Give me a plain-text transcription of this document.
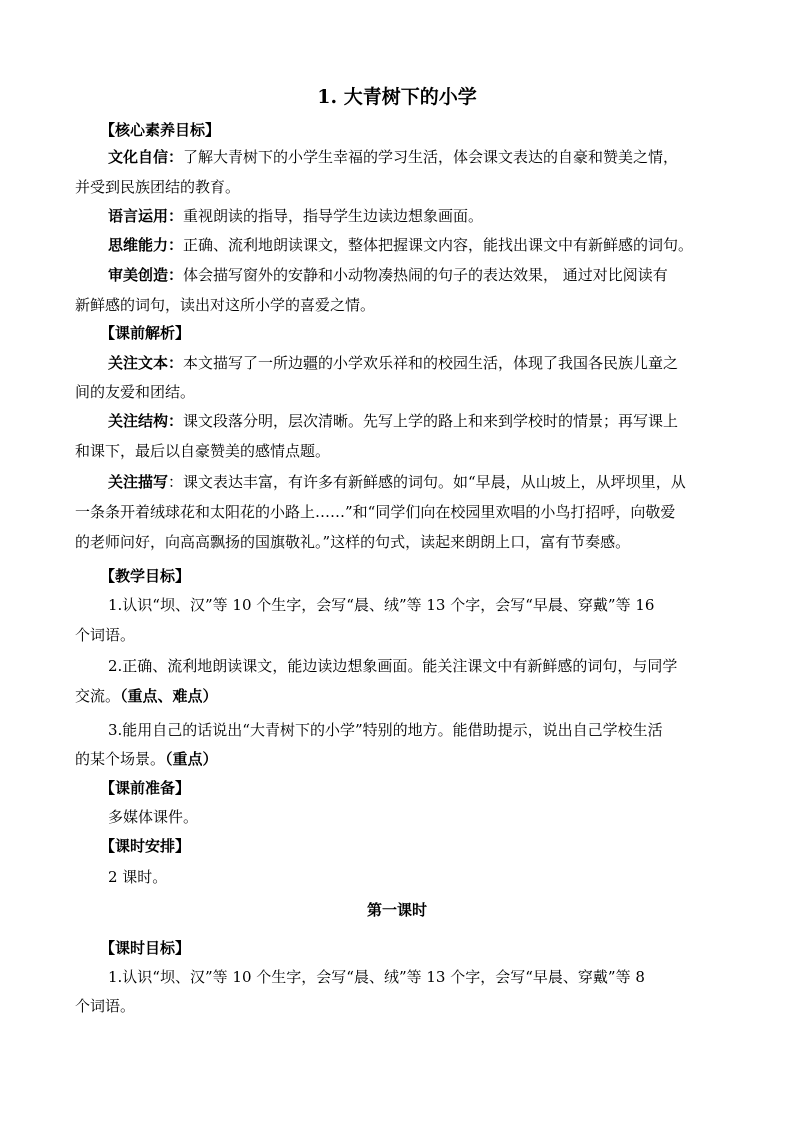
1. 大青树下的小学
【核心素养目标】
文化自信：了解大青树下的小学生幸福的学习生活，体会课文表达的自豪和赞美之情，
并受到民族团结的教育。
语言运用：重视朗读的指导，指导学生边读边想象画面。
思维能力：正确、流利地朗读课文，整体把握课文内容，能找出课文中有新鲜感的词句。
审美创造：体会描写窗外的安静和小动物凑热闹的句子的表达效果， 通过对比阅读有
新鲜感的词句，读出对这所小学的喜爱之情。
【课前解析】
关注文本：本文描写了一所边疆的小学欢乐祥和的校园生活，体现了我国各民族儿童之
间的友爱和团结。
关注结构：课文段落分明，层次清晰。先写上学的路上和来到学校时的情景；再写课上
和课下，最后以自豪赞美的感情点题。
关注描写：课文表达丰富，有许多有新鲜感的词句。如“早晨，从山坡上，从坪坝里，从
一条条开着绒球花和太阳花的小路上……”和“同学们向在校园里欢唱的小鸟打招呼，向敬爱
的老师问好，向高高飘扬的国旗敬礼。”这样的句式，读起来朗朗上口，富有节奏感。
【教学目标】
1.认识“坝、汉”等 10 个生字，会写“晨、绒”等 13 个字，会写“早晨、穿戴”等 16
个词语。
2.正确、流利地朗读课文，能边读边想象画面。能关注课文中有新鲜感的词句，与同学
交流。（重点、难点）
3.能用自己的话说出“大青树下的小学”特别的地方。能借助提示，说出自己学校生活
的某个场景。（重点）
【课前准备】
多媒体课件。
【课时安排】
2 课时。
第一课时
【课时目标】
1.认识“坝、汉”等 10 个生字，会写“晨、绒”等 13 个字，会写“早晨、穿戴”等 8
个词语。
